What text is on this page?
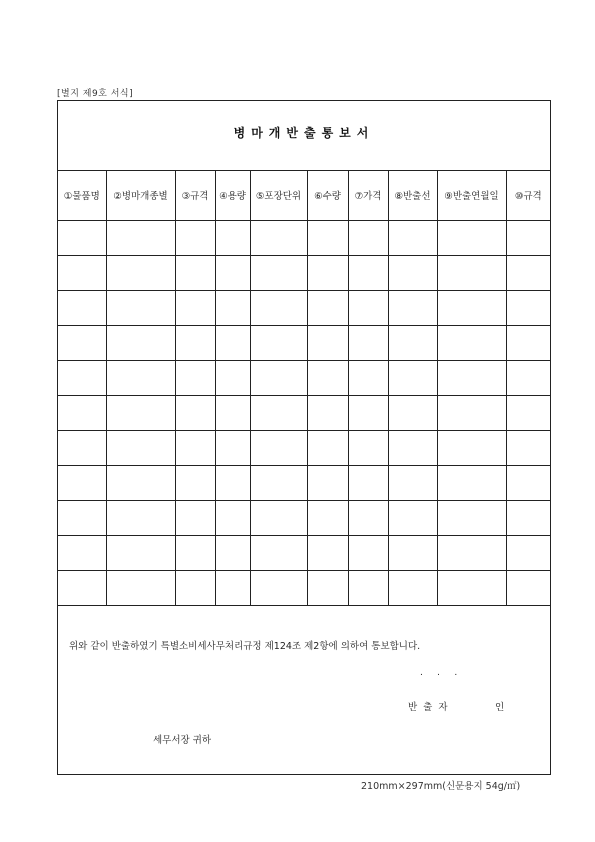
[별지 제9호 서식]
병마개반출통보서
①물품명	②병마개종별	③규격	④용량	⑤포장단위	⑥수량	⑦가격	⑧반출선	⑨반출연월일	⑩규격

위와 같이 반출하였기 특별소비세사무처리규정 제124조 제2항에 의하여 통보합니다.
.     .     .
반출자	인
세무서장 귀하
210mm×297mm(신문용지 54g/㎡)
